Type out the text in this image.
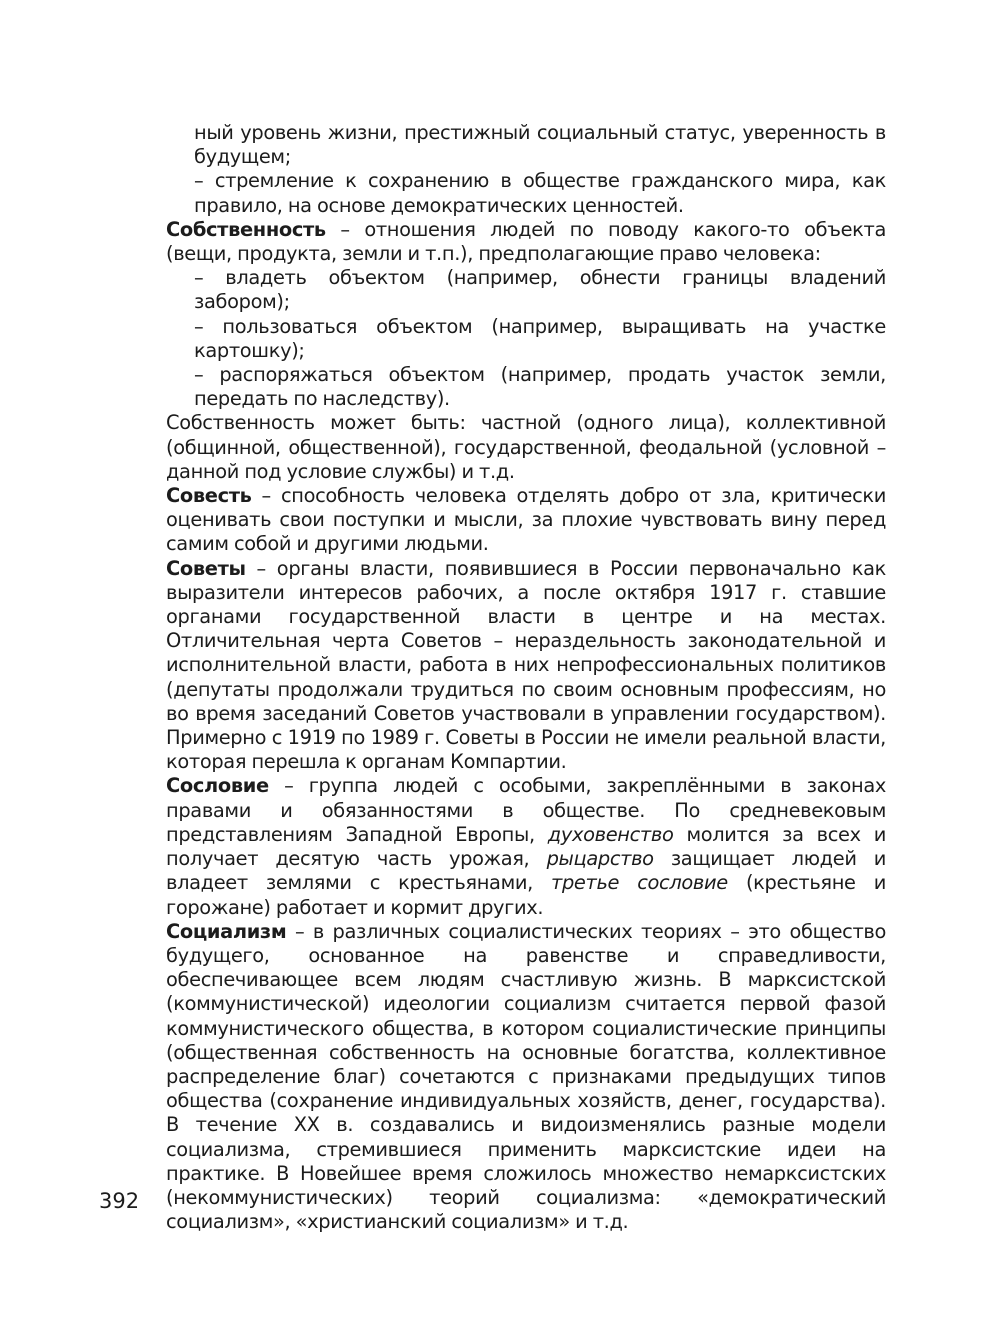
ный уровень жизни, престижный социальный статус, уверенность в будущем;

– стремление к сохранению в обществе гражданского мира, как правило, на основе демократических ценностей.

Собственность – отношения людей по поводу какого-то объекта (вещи, продукта, земли и т.п.), предполагающие право человека:

– владеть объектом (например, обнести границы владений забором);

– пользоваться объектом (например, выращивать на участке картошку);

– распоряжаться объектом (например, продать участок земли, передать по наследству).

Собственность может быть: частной (одного лица), коллективной (общинной, общественной), государственной, феодальной (условной – данной под условие службы) и т.д.

Совесть – способность человека отделять добро от зла, критически оценивать свои поступки и мысли, за плохие чувствовать вину перед самим собой и другими людьми.

Советы – органы власти, появившиеся в России первоначально как выразители интересов рабочих, а после октября 1917 г. ставшие органами государственной власти в центре и на местах. Отличительная черта Советов – нераздельность законодательной и исполнительной власти, работа в них непрофессиональных политиков (депутаты продолжали трудиться по своим основным профессиям, но во время заседаний Советов участвовали в управлении государством). Примерно с 1919 по 1989 г. Советы в России не имели реальной власти, которая перешла к органам Компартии.

Сословие – группа людей с особыми, закреплёнными в законах правами и обязанностями в обществе. По средневековым представлениям Западной Европы, духовенство молится за всех и получает десятую часть урожая, рыцарство защищает людей и владеет землями с крестьянами, третье сословие (крестьяне и горожане) работает и кормит других.

Социализм – в различных социалистических теориях – это общество будущего, основанное на равенстве и справедливости, обеспечивающее всем людям счастливую жизнь. В марксистской (коммунистической) идеологии социализм считается первой фазой коммунистического общества, в котором социалистические принципы (общественная собственность на основные богатства, коллективное распределение благ) сочетаются с признаками предыдущих типов общества (сохранение индивидуальных хозяйств, денег, государства). В течение XX в. создавались и видоизменялись разные модели социализма, стремившиеся применить марксистские идеи на практике. В Новейшее время сложилось множество немарксистских (некоммунистических) теорий социализма: «демократический социализм», «христианский социализм» и т.д.

392
